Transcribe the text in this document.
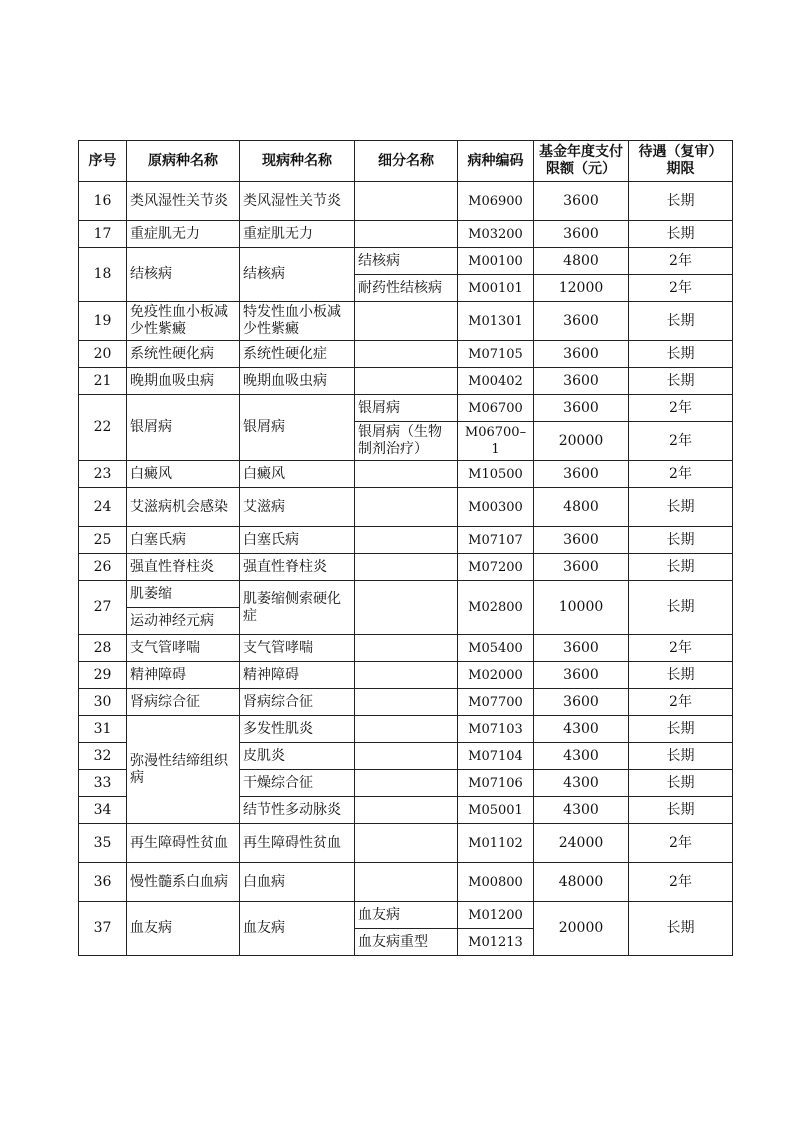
序号	原病种名称	现病种名称	细分名称	病种编码	基金年度支付限额（元）	待遇（复审）期限
16	类风湿性关节炎	类风湿性关节炎		M06900	3600	长期
17	重症肌无力	重症肌无力		M03200	3600	长期
18	结核病	结核病	结核病	M00100	4800	2年
			耐药性结核病	M00101	12000	2年
19	免疫性血小板减少性紫癜	特发性血小板减少性紫癜		M01301	3600	长期
20	系统性硬化病	系统性硬化症		M07105	3600	长期
21	晚期血吸虫病	晚期血吸虫病		M00402	3600	长期
22	银屑病	银屑病	银屑病	M06700	3600	2年
			银屑病（生物制剂治疗）	M06700–1	20000	2年
23	白癜风	白癜风		M10500	3600	2年
24	艾滋病机会感染	艾滋病		M00300	4800	长期
25	白塞氏病	白塞氏病		M07107	3600	长期
26	强直性脊柱炎	强直性脊柱炎		M07200	3600	长期
27	肌萎缩	肌萎缩侧索硬化症		M02800	10000	长期
	运动神经元病					
28	支气管哮喘	支气管哮喘		M05400	3600	2年
29	精神障碍	精神障碍		M02000	3600	长期
30	肾病综合征	肾病综合征		M07700	3600	2年
31	弥漫性结缔组织病	多发性肌炎		M07103	4300	长期
32		皮肌炎		M07104	4300	长期
33		干燥综合征		M07106	4300	长期
34		结节性多动脉炎		M05001	4300	长期
35	再生障碍性贫血	再生障碍性贫血		M01102	24000	2年
36	慢性髓系白血病	白血病		M00800	48000	2年
37	血友病	血友病	血友病	M01200	20000	长期
			血友病重型	M01213		
